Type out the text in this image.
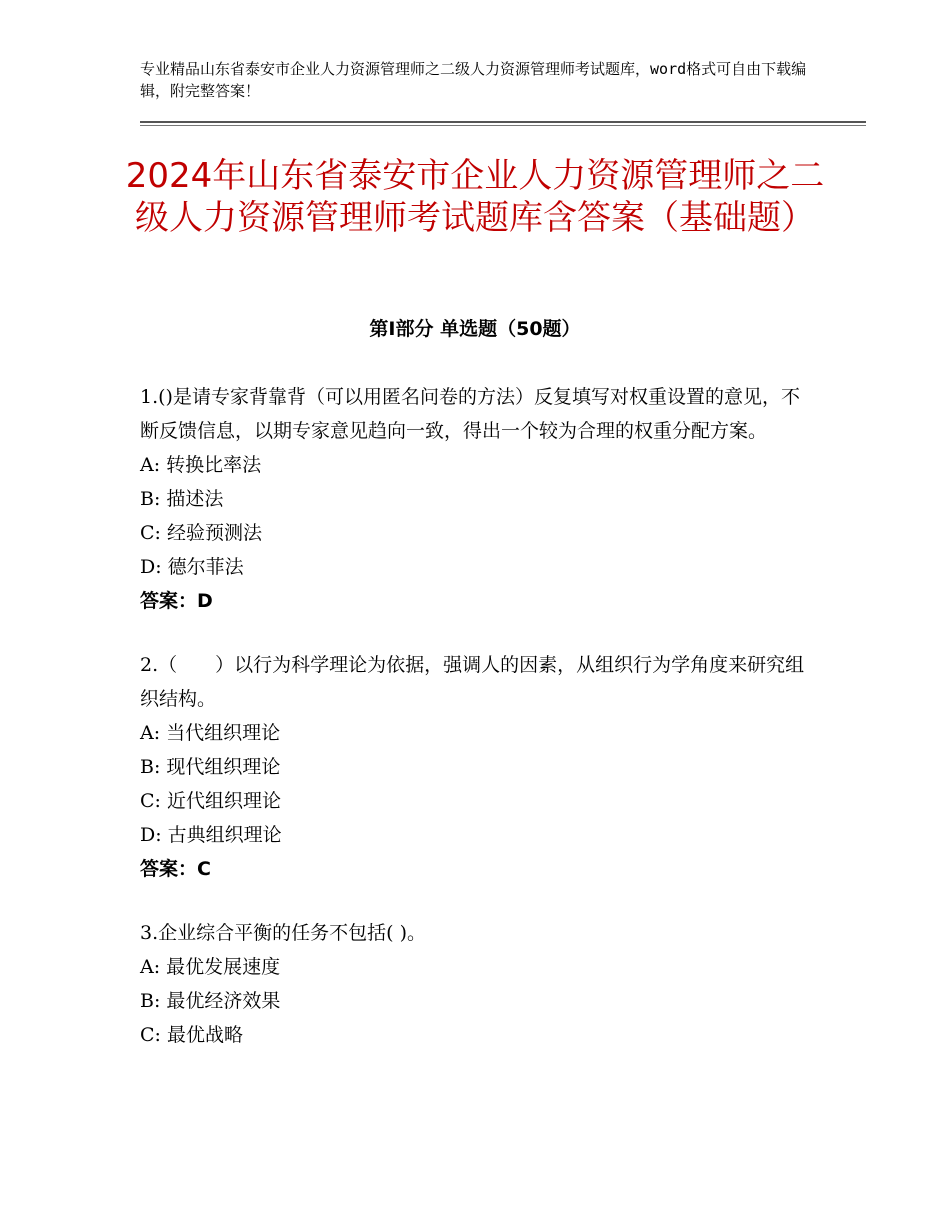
专业精品山东省泰安市企业人力资源管理师之二级人力资源管理师考试题库，word格式可自由下载编辑，附完整答案！
2024年山东省泰安市企业人力资源管理师之二级人力资源管理师考试题库含答案（基础题）
第Ⅰ部分 单选题（50题）
1.()是请专家背靠背（可以用匿名问卷的方法）反复填写对权重设置的意见，不断反馈信息，以期专家意见趋向一致，得出一个较为合理的权重分配方案。
A: 转换比率法
B: 描述法
C: 经验预测法
D: 德尔菲法
答案：D
2.（　　）以行为科学理论为依据，强调人的因素，从组织行为学角度来研究组织结构。
A: 当代组织理论
B: 现代组织理论
C: 近代组织理论
D: 古典组织理论
答案：C
3.企业综合平衡的任务不包括( )。
A: 最优发展速度
B: 最优经济效果
C: 最优战略
